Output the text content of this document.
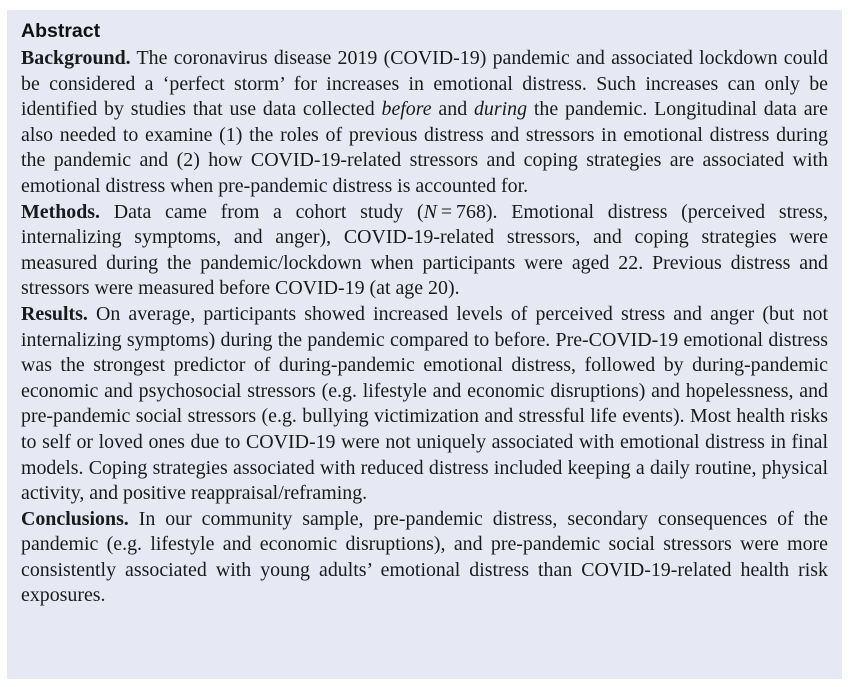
Abstract

Background. The coronavirus disease 2019 (COVID-19) pandemic and associated lockdown could be considered a ‘perfect storm’ for increases in emotional distress. Such increases can only be identified by studies that use data collected before and during the pandemic. Longitudinal data are also needed to examine (1) the roles of previous distress and stressors in emotional distress during the pandemic and (2) how COVID-19-related stressors and coping strategies are associated with emotional distress when pre-pandemic distress is accounted for.

Methods. Data came from a cohort study (N = 768). Emotional distress (perceived stress, internalizing symptoms, and anger), COVID-19-related stressors, and coping strategies were measured during the pandemic/lockdown when participants were aged 22. Previous distress and stressors were measured before COVID-19 (at age 20).

Results. On average, participants showed increased levels of perceived stress and anger (but not internalizing symptoms) during the pandemic compared to before. Pre-COVID-19 emotional distress was the strongest predictor of during-pandemic emotional distress, followed by during-pandemic economic and psychosocial stressors (e.g. lifestyle and economic disruptions) and hopelessness, and pre-pandemic social stressors (e.g. bullying victimization and stressful life events). Most health risks to self or loved ones due to COVID-19 were not uniquely associated with emotional distress in final models. Coping strategies associated with reduced distress included keeping a daily routine, physical activity, and positive reappraisal/reframing.

Conclusions. In our community sample, pre-pandemic distress, secondary consequences of the pandemic (e.g. lifestyle and economic disruptions), and pre-pandemic social stressors were more consistently associated with young adults’ emotional distress than COVID-19-related health risk exposures.
